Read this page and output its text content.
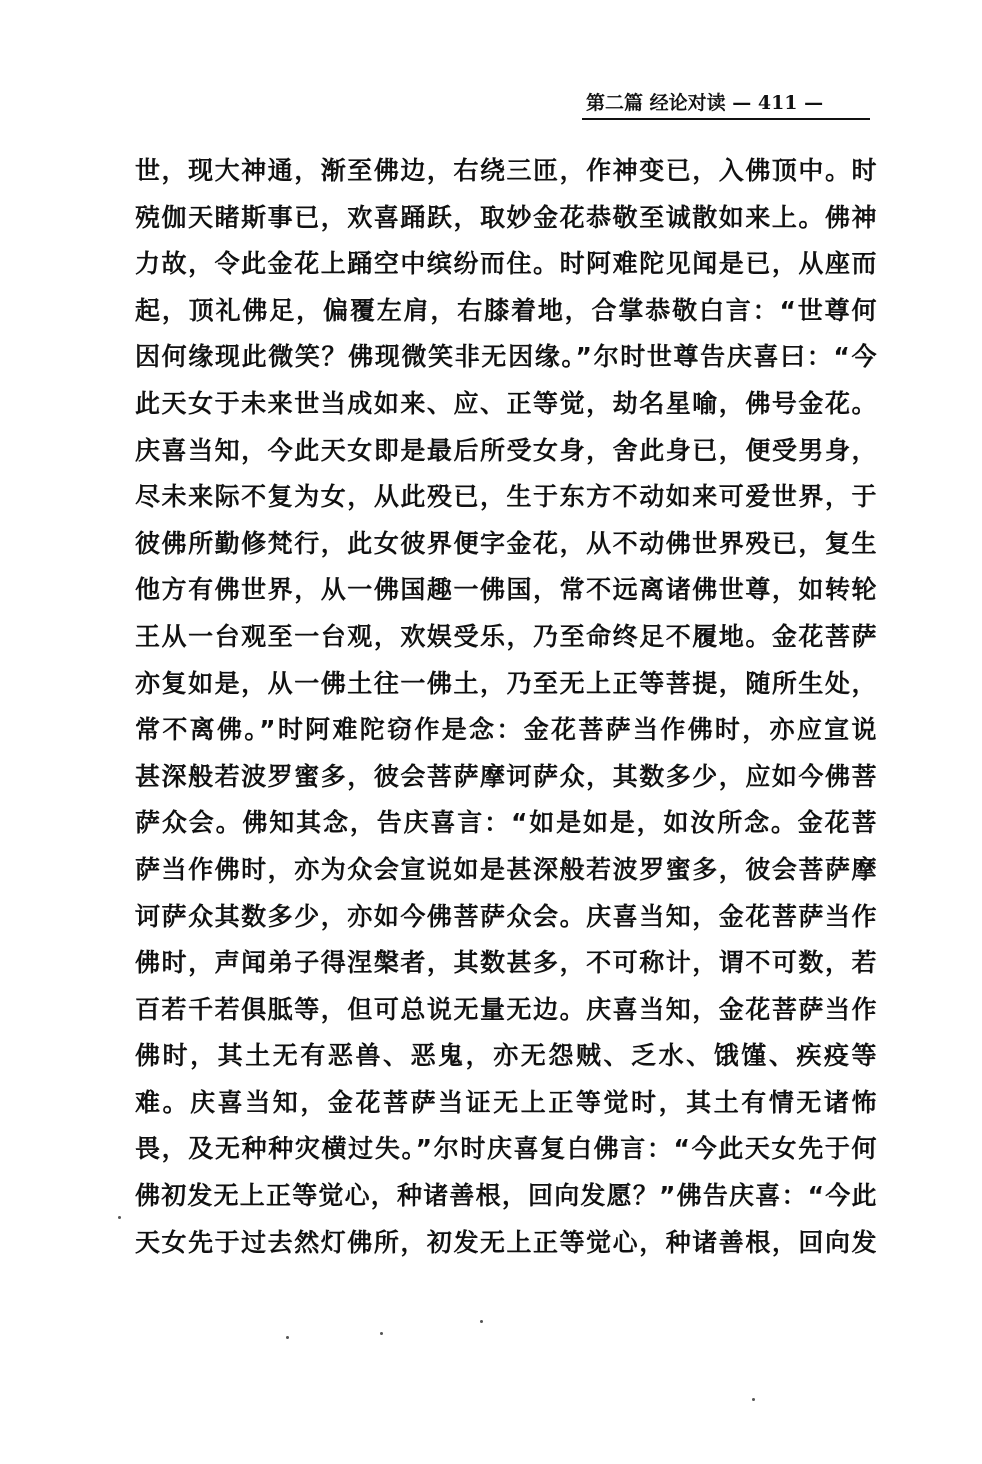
第二篇 经论对读 — 411 —
世，现大神通，渐至佛边，右绕三匝，作神变已，入佛顶中。时
殑伽天睹斯事已，欢喜踊跃，取妙金花恭敬至诚散如来上。佛神
力故，令此金花上踊空中缤纷而住。时阿难陀见闻是已，从座而
起，顶礼佛足，偏覆左肩，右膝着地，合掌恭敬白言：“世尊何
因何缘现此微笑？佛现微笑非无因缘。”尔时世尊告庆喜曰：“今
此天女于未来世当成如来、应、正等觉，劫名星喻，佛号金花。
庆喜当知，今此天女即是最后所受女身，舍此身已，便受男身，
尽未来际不复为女，从此殁已，生于东方不动如来可爱世界，于
彼佛所勤修梵行，此女彼界便字金花，从不动佛世界殁已，复生
他方有佛世界，从一佛国趣一佛国，常不远离诸佛世尊，如转轮
王从一台观至一台观，欢娱受乐，乃至命终足不履地。金花菩萨
亦复如是，从一佛土往一佛土，乃至无上正等菩提，随所生处，
常不离佛。”时阿难陀窃作是念：金花菩萨当作佛时，亦应宣说
甚深般若波罗蜜多，彼会菩萨摩诃萨众，其数多少，应如今佛菩
萨众会。佛知其念，告庆喜言：“如是如是，如汝所念。金花菩
萨当作佛时，亦为众会宣说如是甚深般若波罗蜜多，彼会菩萨摩
诃萨众其数多少，亦如今佛菩萨众会。庆喜当知，金花菩萨当作
佛时，声闻弟子得涅槃者，其数甚多，不可称计，谓不可数，若
百若千若俱胝等，但可总说无量无边。庆喜当知，金花菩萨当作
佛时，其土无有恶兽、恶鬼，亦无怨贼、乏水、饿馑、疾疫等
难。庆喜当知，金花菩萨当证无上正等觉时，其土有情无诸怖
畏，及无种种灾横过失。”尔时庆喜复白佛言：“今此天女先于何
佛初发无上正等觉心，种诸善根，回向发愿？”佛告庆喜：“今此
天女先于过去然灯佛所，初发无上正等觉心，种诸善根，回向发
